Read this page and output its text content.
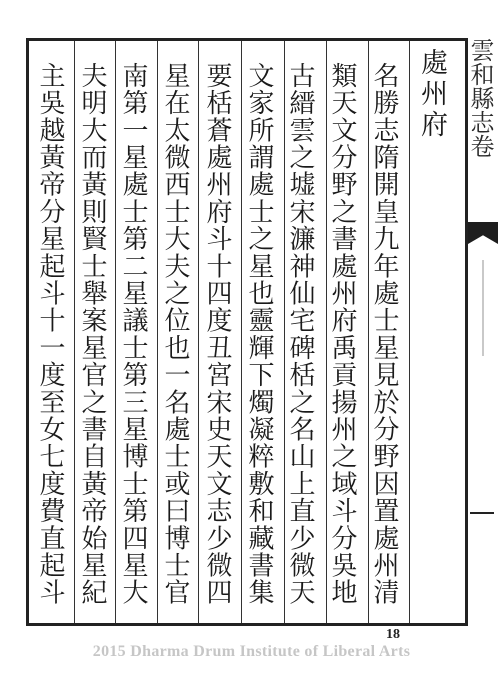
處州府
名勝志隋開皇九年處士星見於分野因置處州清
類天文分野之書處州府禹貢揚州之域斗分吳地
古縉雲之墟宋濂神仙宅碑栝之名山上直少微天
文家所謂處士之星也靈輝下燭凝粹敷和藏書集
要栝蒼處州府斗十四度丑宮宋史天文志少微四
星在太微西士大夫之位也一名處士或曰博士官
南第一星處士第二星議士第三星博士第四星大
夫明大而黃則賢士舉案星官之書自黃帝始星紀
主吳越黃帝分星起斗十一度至女七度費直起斗	雲和縣志卷
18
2015 Dharma Drum Institute of Liberal Arts
